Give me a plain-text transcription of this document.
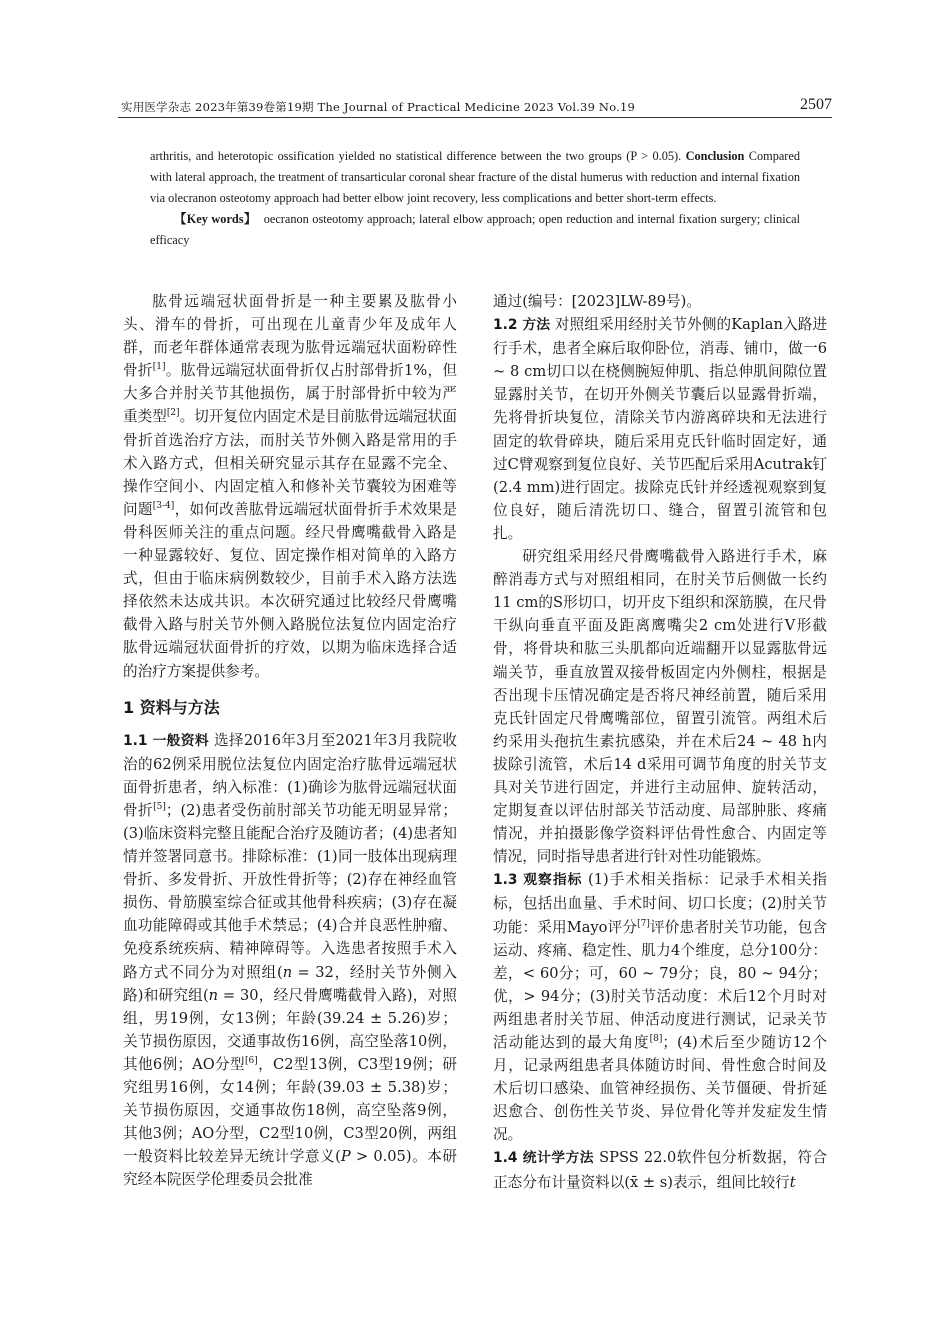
实用医学杂志 2023年第39卷第19期 The Journal of Practical Medicine 2023 Vol.39 No.19	2507

arthritis, and heterotopic ossification yielded no statistical difference between the two groups (P > 0.05). Conclusion Compared with lateral approach, the treatment of transarticular coronal shear fracture of the distal humerus with reduction and internal fixation via olecranon osteotomy approach had better elbow joint recovery, less complications and better short-term effects.

【Key words】 oecranon osteotomy approach; lateral elbow approach; open reduction and internal fixation surgery; clinical efficacy

肱骨远端冠状面骨折是一种主要累及肱骨小头、滑车的骨折，可出现在儿童青少年及成年人群，而老年群体通常表现为肱骨远端冠状面粉碎性骨折[1]。肱骨远端冠状面骨折仅占肘部骨折1%，但大多合并肘关节其他损伤，属于肘部骨折中较为严重类型[2]。切开复位内固定术是目前肱骨远端冠状面骨折首选治疗方法，而肘关节外侧入路是常用的手术入路方式，但相关研究显示其存在显露不完全、操作空间小、内固定植入和修补关节囊较为困难等问题[3-4]，如何改善肱骨远端冠状面骨折手术效果是骨科医师关注的重点问题。经尺骨鹰嘴截骨入路是一种显露较好、复位、固定操作相对简单的入路方式，但由于临床病例数较少，目前手术入路方法选择依然未达成共识。本次研究通过比较经尺骨鹰嘴截骨入路与肘关节外侧入路脱位法复位内固定治疗肱骨远端冠状面骨折的疗效，以期为临床选择合适的治疗方案提供参考。

1 资料与方法

1.1 一般资料 选择2016年3月至2021年3月我院收治的62例采用脱位法复位内固定治疗肱骨远端冠状面骨折患者，纳入标准：(1)确诊为肱骨远端冠状面骨折[5]；(2)患者受伤前肘部关节功能无明显异常；(3)临床资料完整且能配合治疗及随访者；(4)患者知情并签署同意书。排除标准：(1)同一肢体出现病理骨折、多发骨折、开放性骨折等；(2)存在神经血管损伤、骨筋膜室综合征或其他骨科疾病；(3)存在凝血功能障碍或其他手术禁忌；(4)合并良恶性肿瘤、免疫系统疾病、精神障碍等。入选患者按照手术入路方式不同分为对照组(n = 32，经肘关节外侧入路)和研究组(n = 30，经尺骨鹰嘴截骨入路)，对照组，男19例，女13例；年龄(39.24 ± 5.26)岁；关节损伤原因，交通事故伤16例，高空坠落10例，其他6例；AO分型[6]，C2型13例，C3型19例；研究组男16例，女14例；年龄(39.03 ± 5.38)岁；关节损伤原因，交通事故伤18例，高空坠落9例，其他3例；AO分型，C2型10例，C3型20例，两组一般资料比较差异无统计学意义(P > 0.05)。本研究经本院医学伦理委员会批准

通过(编号：[2023]LW-89号)。

1.2 方法 对照组采用经肘关节外侧的Kaplan入路进行手术，患者全麻后取仰卧位，消毒、铺巾，做一6 ~ 8 cm切口以在桡侧腕短伸肌、指总伸肌间隙位置显露肘关节，在切开外侧关节囊后以显露骨折端，先将骨折块复位，清除关节内游离碎块和无法进行固定的软骨碎块，随后采用克氏针临时固定好，通过C臂观察到复位良好、关节匹配后采用Acutrak钉(2.4 mm)进行固定。拔除克氏针并经透视观察到复位良好，随后清洗切口、缝合，留置引流管和包扎。

研究组采用经尺骨鹰嘴截骨入路进行手术，麻醉消毒方式与对照组相同，在肘关节后侧做一长约11 cm的S形切口，切开皮下组织和深筋膜，在尺骨干纵向垂直平面及距离鹰嘴尖2 cm处进行V形截骨，将骨块和肱三头肌都向近端翻开以显露肱骨远端关节，垂直放置双接骨板固定内外侧柱，根据是否出现卡压情况确定是否将尺神经前置，随后采用克氏针固定尺骨鹰嘴部位，留置引流管。两组术后约采用头孢抗生素抗感染，并在术后24 ~ 48 h内拔除引流管，术后14 d采用可调节角度的肘关节支具对关节进行固定，并进行主动屈伸、旋转活动，定期复查以评估肘部关节活动度、局部肿胀、疼痛情况，并拍摄影像学资料评估骨性愈合、内固定等情况，同时指导患者进行针对性功能锻炼。

1.3 观察指标 (1)手术相关指标：记录手术相关指标，包括出血量、手术时间、切口长度；(2)肘关节功能：采用Mayo评分[7]评价患者肘关节功能，包含运动、疼痛、稳定性、肌力4个维度，总分100分：差，< 60分；可，60 ~ 79分；良，80 ~ 94分；优，> 94分；(3)肘关节活动度：术后12个月时对两组患者肘关节屈、伸活动度进行测试，记录关节活动能达到的最大角度[8]；(4)术后至少随访12个月，记录两组患者具体随访时间、骨性愈合时间及术后切口感染、血管神经损伤、关节僵硬、骨折延迟愈合、创伤性关节炎、异位骨化等并发症发生情况。

1.4 统计学方法 SPSS 22.0软件包分析数据，符合正态分布计量资料以(x̄ ± s)表示，组间比较行t
